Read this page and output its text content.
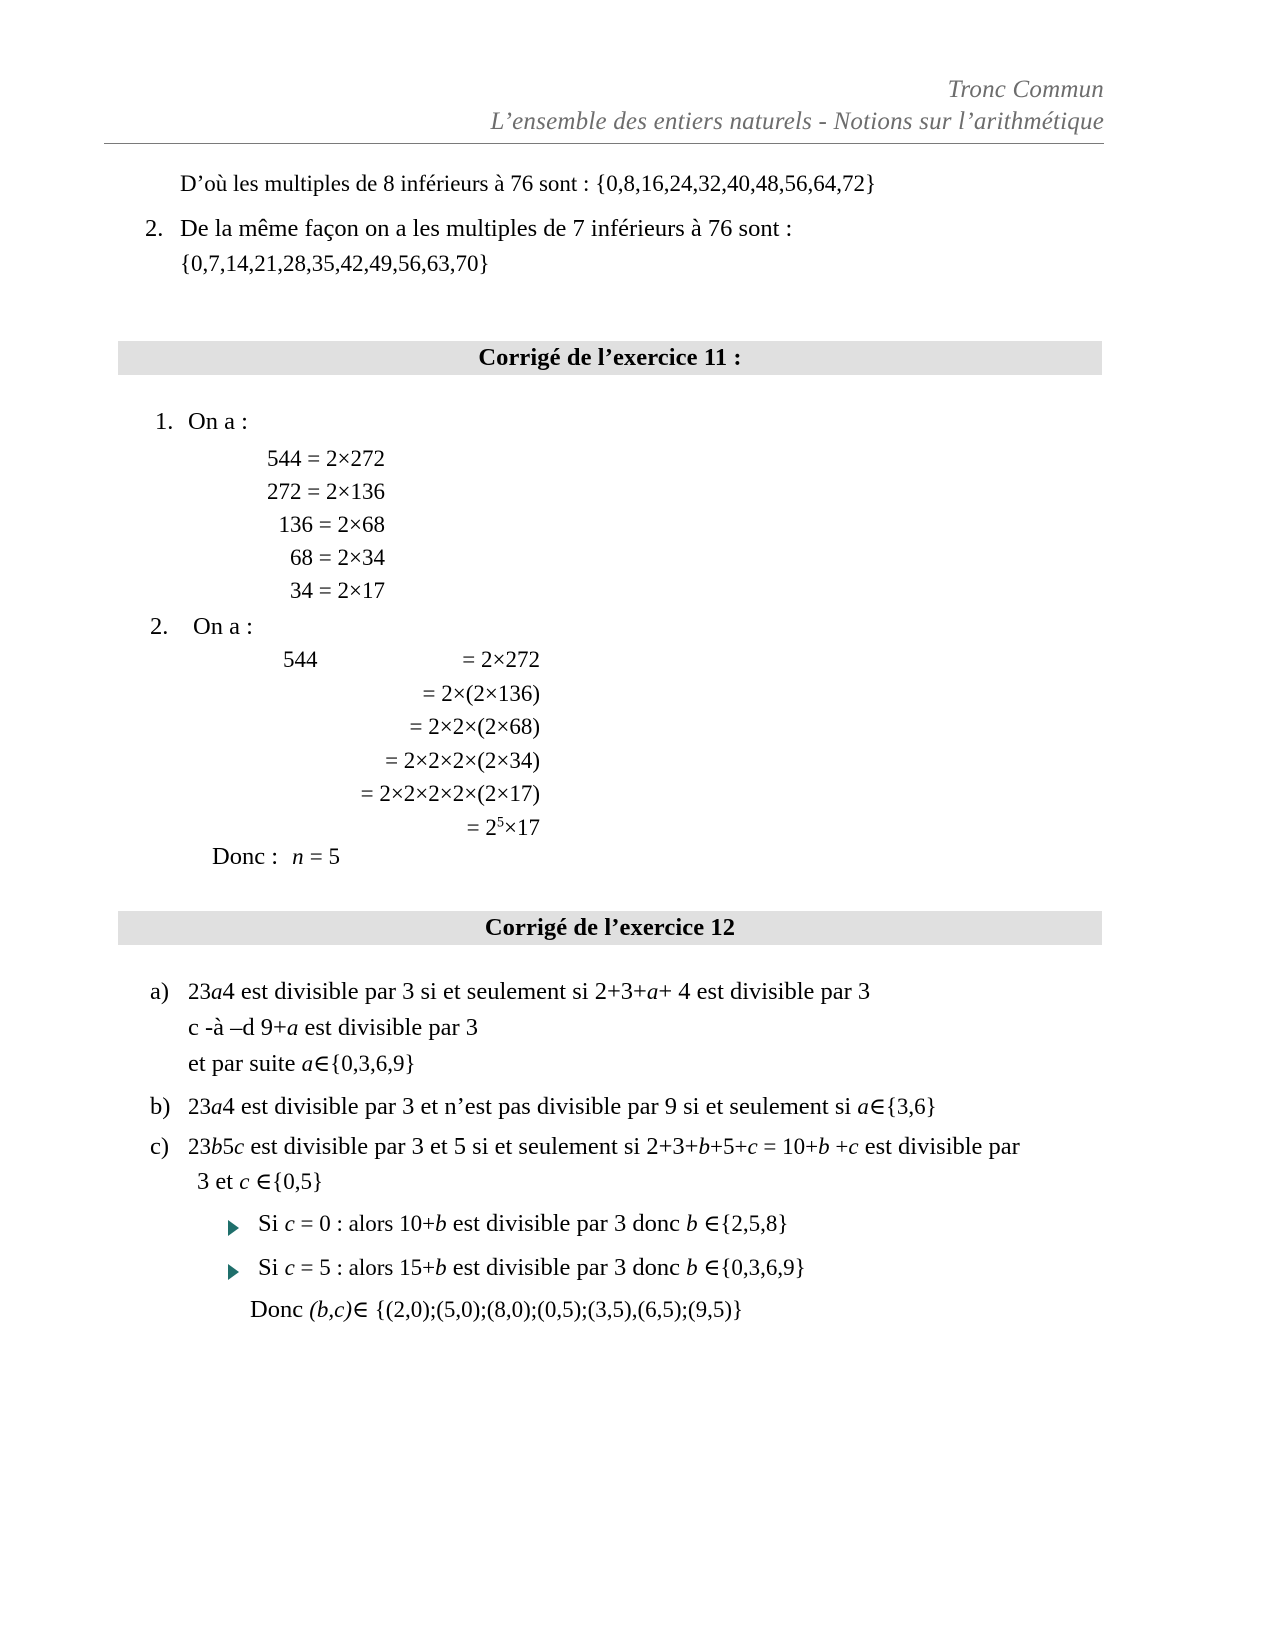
Tronc Commun
L’ensemble des entiers naturels - Notions sur l’arithmétique
D’où les multiples de 8 inférieurs à 76 sont : {0,8,16,24,32,40,48,56,64,72}
2. De la même façon on a les multiples de 7 inférieurs à 76 sont :
{0,7,14,21,28,35,42,49,56,63,70}
Corrigé de l’exercice 11 :
1. On a :
544 = 2×272
272 = 2×136
136 = 2×68
68 = 2×34
34 = 2×17
2. On a :
544	= 2×272
= 2×(2×136)
= 2×2×(2×68)
= 2×2×2×(2×34)
= 2×2×2×2×(2×17)
= $2^5\times 17$
Donc : n = 5
Corrigé de l’exercice 12
a) 23a4 est divisible par 3 si et seulement si 2+3+a+ 4 est divisible par 3
c -à –d 9+a est divisible par 3
et par suite a∈{0,3,6,9}
b) 23a4 est divisible par 3 et n’est pas divisible par 9 si et seulement si a∈{3,6}
c) 23b5c est divisible par 3 et 5 si et seulement si 2+3+b+5+c = 10+b +c est divisible par
3 et c ∈{0,5}
Si c = 0 : alors 10+b est divisible par 3 donc b ∈{2,5,8}
Si c = 5 : alors 15+b est divisible par 3 donc b ∈{0,3,6,9}
Donc (b,c)∈ {(2,0);(5,0);(8,0);(0,5);(3,5),(6,5);(9,5)}
